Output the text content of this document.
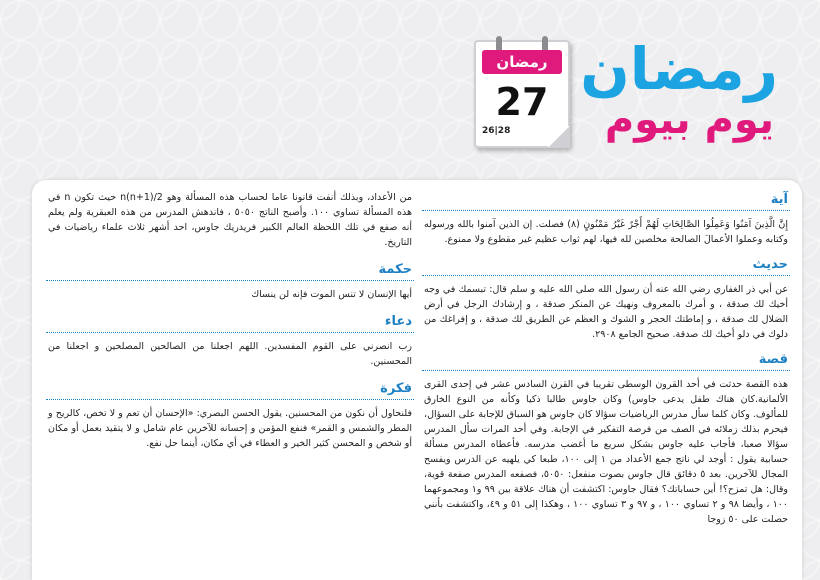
رمضان
يوم بيوم
رمضان
27
26|28
آية
إِنَّ الَّذِينَ آمَنُوا وَعَمِلُوا الصَّالِحَاتِ لَهُمْ أَجْرٌ غَيْرُ مَمْنُونٍ (٨) فصلت. إن الذين آمنوا بالله ورسوله وكتابه وعملوا الأعمالَ الصالحة مخلصين لله فيها، لهم ثواب عظيم غير مقطوع ولا ممنوع.
حديث
عن أبي ذر الغفاري رضي الله عنه أن رسول الله صلى الله عليه و سلم قال: تبسمك في وجه أخيك لك صدقة ، و أمرك بالمعروف ونهيك عن المنكر صدقة ، و إرشادك الرجل في أرض الضلال لك صدقة ، و إماطتك الحجر و الشوك و العظم عن الطريق لك صدقة ، و إفراغك من دلوك في دلو أخيك لك صدقة. صحيح الجامع ٢٩٠٨.
قصة
هذه القصة حدثت في أحد القرون الوسطى تقريبا في القرن السادس عشر في إحدى القرى الألمانية.كان هناك طفل يدعى جاوس) وكان جاوس طالبا ذكيا وكأنه من النوع الخارق للمألوف. وكان كلما سأل مدرس الرياضيات سؤالا كان جاوس هو السباق للإجابة على السؤال، فيحرم بذلك زملائه في الصف من فرصة التفكير في الإجابة. وفي أحد المرات سأل المدرس سؤالا صعبا، فأجاب عليه جاوس بشكل سريع ما أغضب مدرسه. فأعطاه المدرس مسألة حسابية يقول : أوجد لي ناتج جمع الأعداد من ١ إلى ١٠٠، طبعا كي يلهيه عن الدرس ويفسح المجال للآخرين. بعد ٥ دقائق قال جاوس بصوت منفعل: ٥٠٥٠، فصفعه المدرس صفعة قوية، وقال: هل تمزح؟! أين حساباتك؟ فقال جاوس: اكتشفت أن هناك علاقة بين ٩٩ و١ ومجموعهما ١٠٠ ، وأيضا ٩٨ و ٢ تساوي ١٠٠ ، و ٩٧ و ٣ تساوي ١٠٠ ، وهكذا إلى ٥١ و ٤٩، واكتشفت بأنني حصلت على ٥٠ زوجا
من الأعداد، وبذلك أنفت قانونا عاما لحساب هذه المسألة وهو n(n+1)/2 حيث تكون n في هذه المسألة تساوي ١٠٠. وأصبح الناتج ٥٠٥٠ ، فاندهش المدرس من هذه العبقرية ولم يعلم أنه صفع في تلك اللحظة العالم الكبير فريدريك جاوس، احد أشهر ثلاث علماء رياضيات في التاريخ.
حكمة
أيها الإنسان لا تنس الموت فإنه لن ينساك
دعاء
رب انصرني على القوم المفسدين. اللهم اجعلنا من الصالحين المصلحين و اجعلنا من المحسنين.
فكرة
فلنحاول أن نكون من المحسنين. يقول الحسن البصري: «الإحسان أن تعم و لا تخص، كالريح و المطر والشمس و القمر» فنفع المؤمن و إحسانه للآخرين عام شامل و لا يتقيد بعمل أو مكان أو شخص و المحسن كثير الخير و العطاء في أي مكان، أينما حل نفع.
